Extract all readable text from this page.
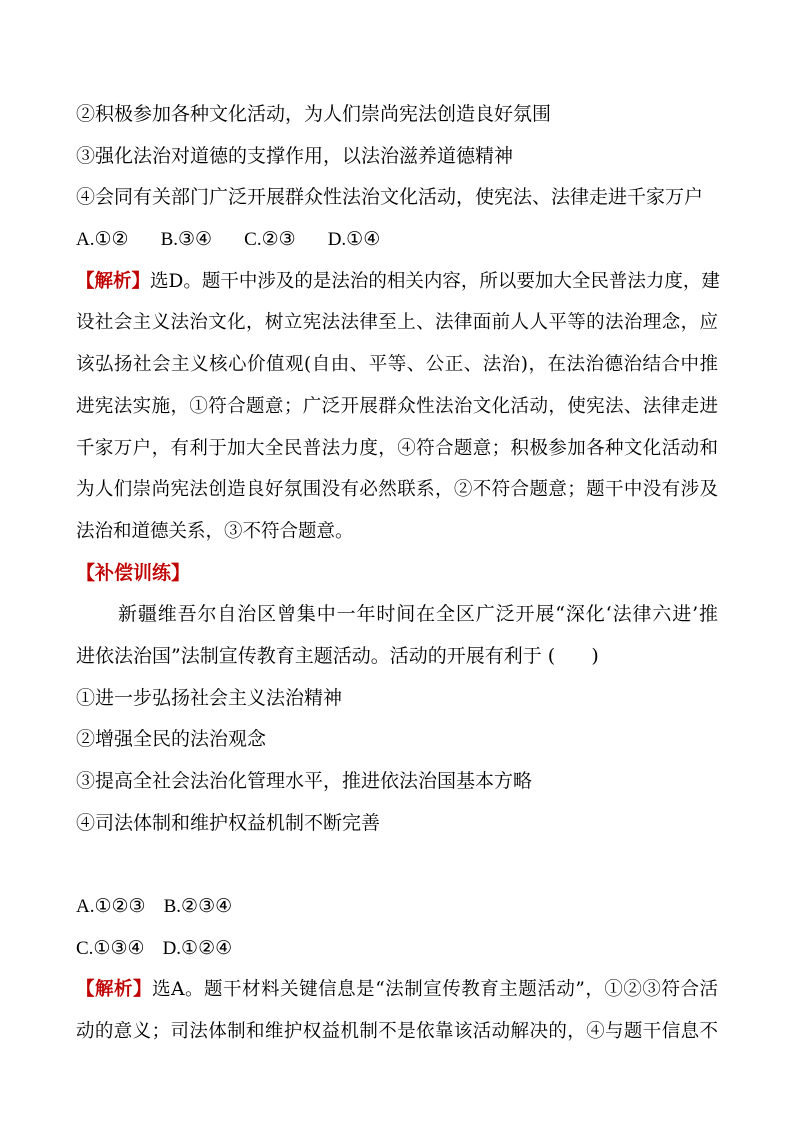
②积极参加各种文化活动，为人们崇尚宪法创造良好氛围
③强化法治对道德的支撑作用，以法治滋养道德精神
④会同有关部门广泛开展群众性法治文化活动，使宪法、法律走进千家万户
A.①② B.③④ C.②③ D.①④
【解析】选D。题干中涉及的是法治的相关内容，所以要加大全民普法力度，建
设社会主义法治文化，树立宪法法律至上、法律面前人人平等的法治理念，应
该弘扬社会主义核心价值观(自由、平等、公正、法治)，在法治德治结合中推
进宪法实施，①符合题意；广泛开展群众性法治文化活动，使宪法、法律走进
千家万户，有利于加大全民普法力度，④符合题意；积极参加各种文化活动和
为人们崇尚宪法创造良好氛围没有必然联系，②不符合题意；题干中没有涉及
法治和道德关系，③不符合题意。
【补偿训练】
新疆维吾尔自治区曾集中一年时间在全区广泛开展“深化‘法律六进’推
进依法治国”法制宣传教育主题活动。活动的开展有利于 (      )
①进一步弘扬社会主义法治精神
②增强全民的法治观念
③提高全社会法治化管理水平，推进依法治国基本方略
④司法体制和维护权益机制不断完善
A.①②③ B.②③④
C.①③④ D.①②④
【解析】选A。题干材料关键信息是“法制宣传教育主题活动”，①②③符合活
动的意义；司法体制和维护权益机制不是依靠该活动解决的，④与题干信息不
